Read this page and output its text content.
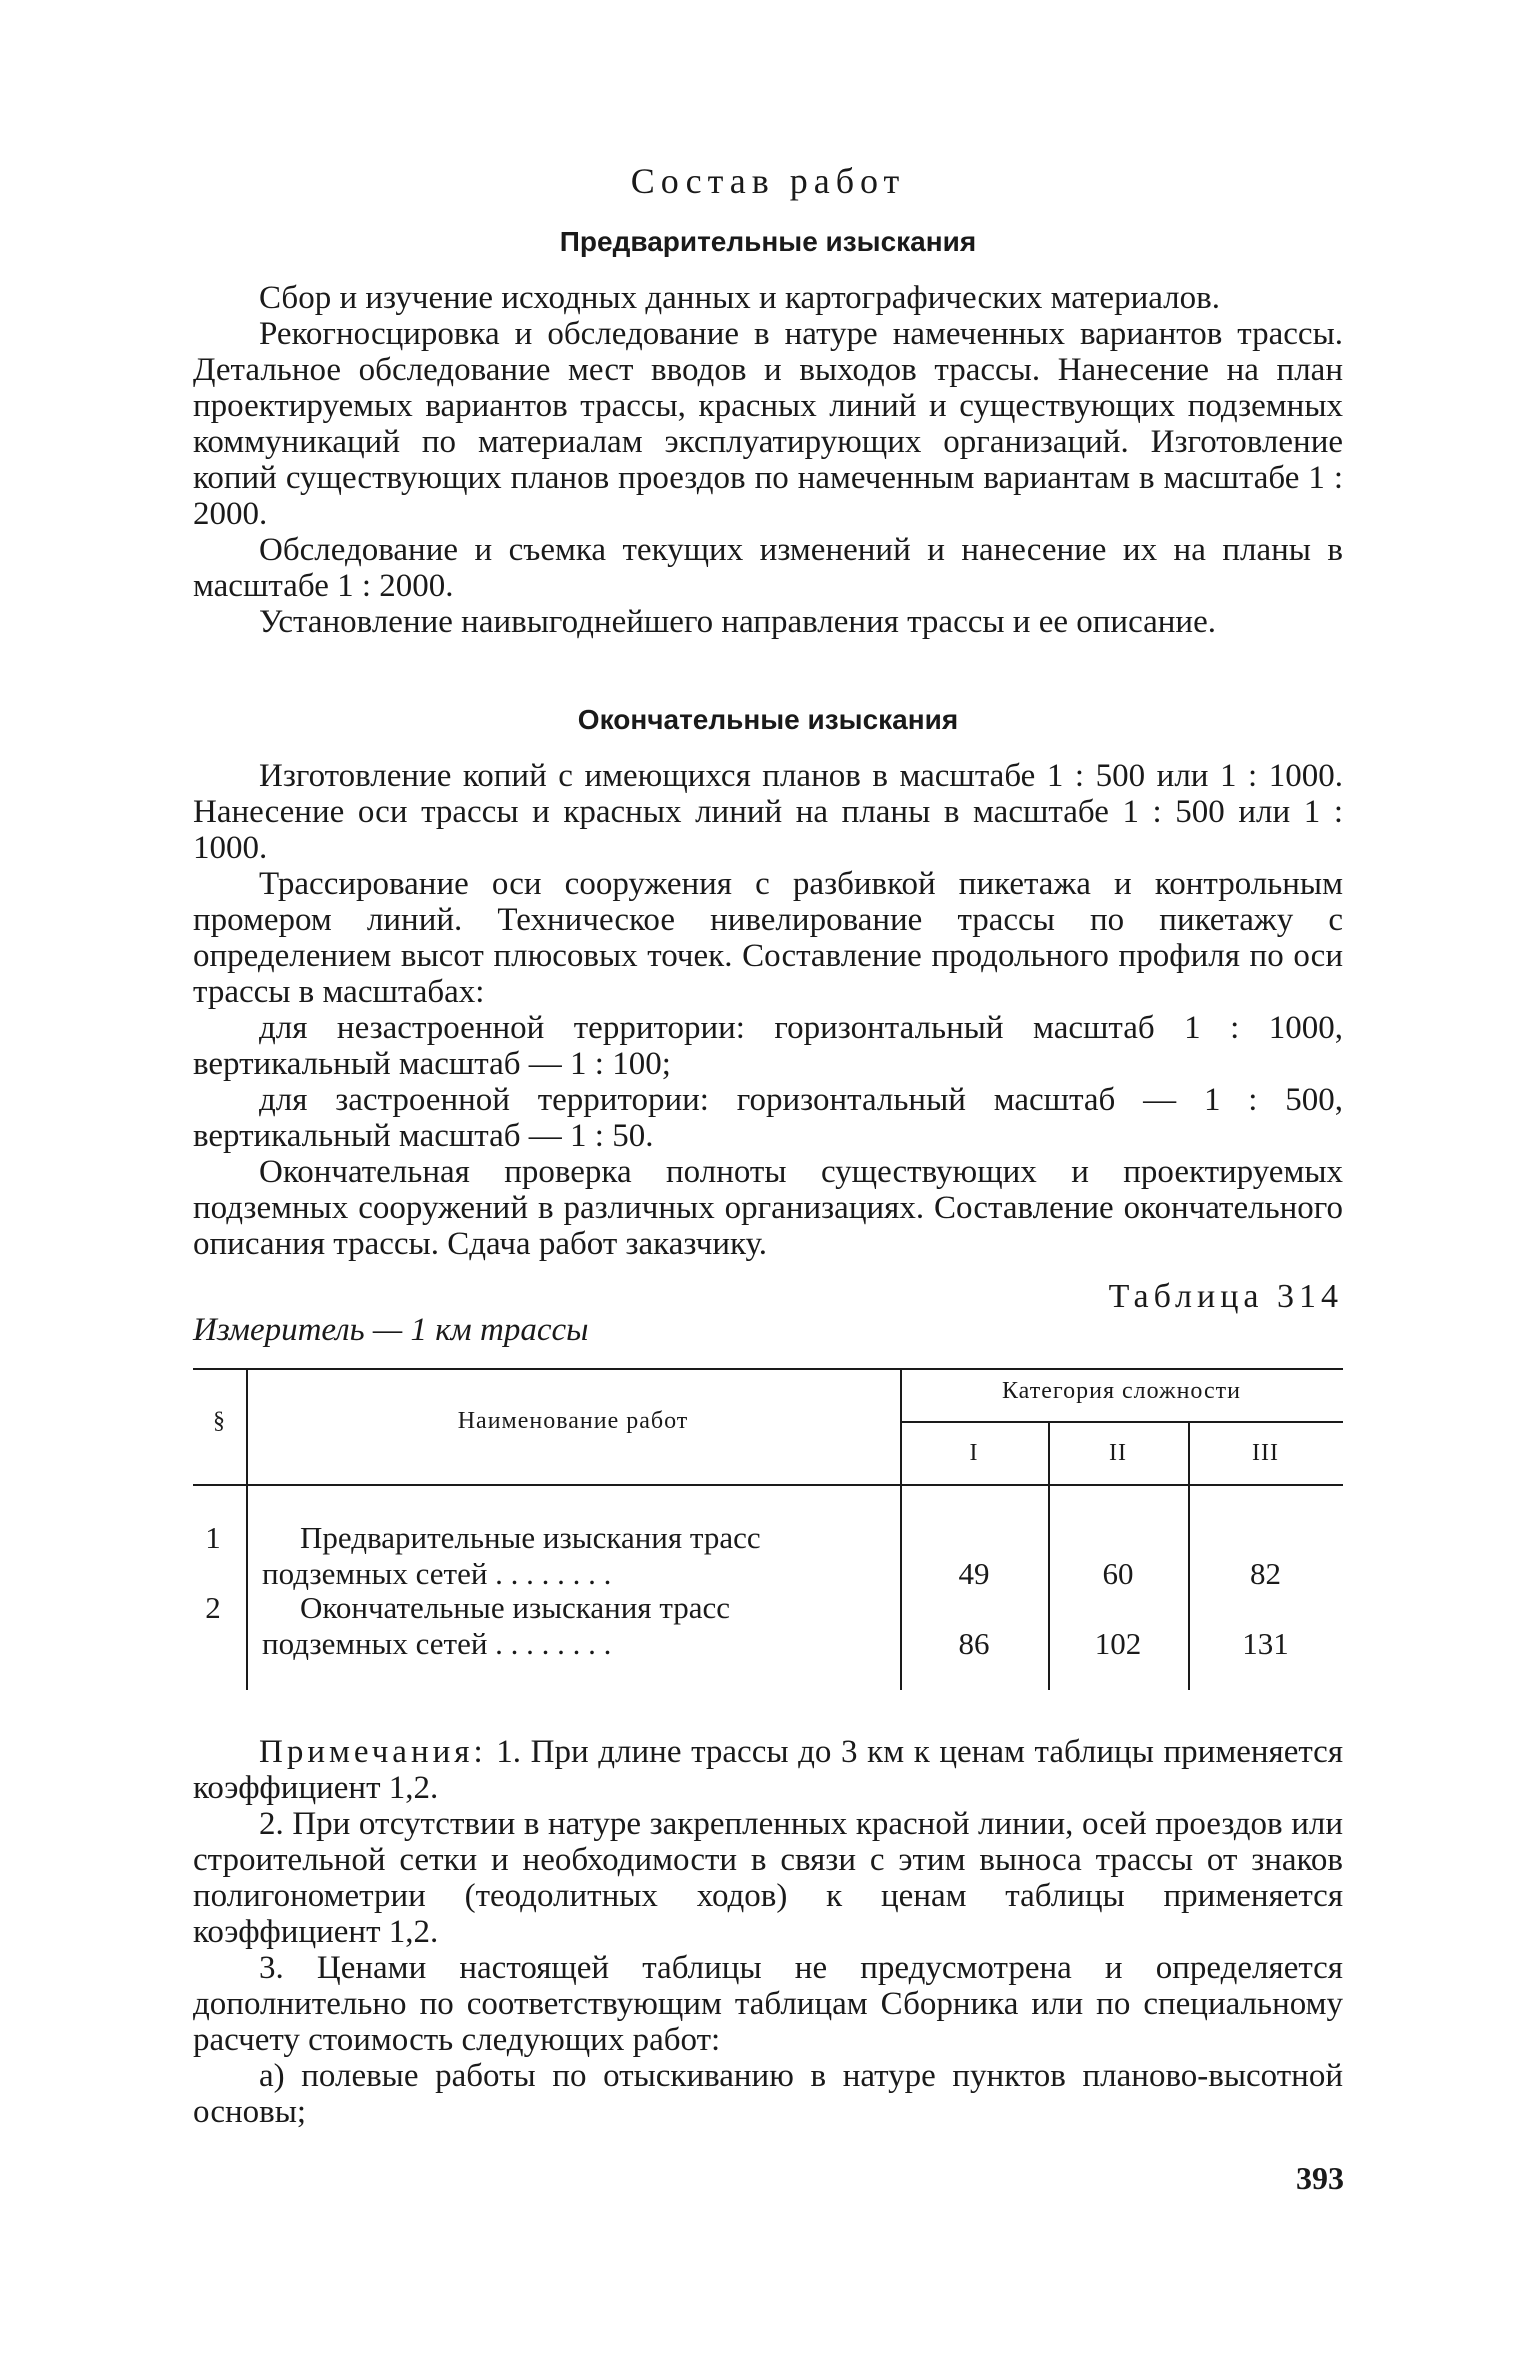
Состав работ
Предварительные изыскания

Сбор и изучение исходных данных и картографических материалов.

Рекогносцировка и обследование в натуре намеченных вариантов трассы. Детальное обследование мест вводов и выходов трассы. Нанесение на план проектируемых вариантов трассы, красных линий и существующих подземных коммуникаций по материалам эксплуатирующих организаций. Изготовление копий существующих планов проездов по намеченным вариантам в масштабе 1 : 2000.

Обследование и съемка текущих изменений и нанесение их на планы в масштабе 1 : 2000.

Установление наивыгоднейшего направления трассы и ее описание.

Окончательные изыскания

Изготовление копий с имеющихся планов в масштабе 1 : 500 или 1 : 1000. Нанесение оси трассы и красных линий на планы в масштабе 1 : 500 или 1 : 1000.

Трассирование оси сооружения с разбивкой пикетажа и контрольным промером линий. Техническое нивелирование трассы по пикетажу с определением высот плюсовых точек. Составление продольного профиля по оси трассы в масштабах:

для незастроенной территории: горизонтальный масштаб 1 : 1000, вертикальный масштаб — 1 : 100;

для застроенной территории: горизонтальный масштаб — 1 : 500, вертикальный масштаб — 1 : 50.

Окончательная проверка полноты существующих и проектируемых подземных сооружений в различных организациях. Составление окончательного описания трассы. Сдача работ заказчику.

Таблица 314
Измеритель — 1 км трассы
§	Наименование работ
Категория сложности
I	II	III
1	Предварительные изыскания трасс
подземных сетей . . . . . . . .	49	60	82
2	Окончательные изыскания трасс
подземных сетей . . . . . . . .	86	102	131

Примечания: 1. При длине трассы до 3 км к ценам таблицы применяется коэффициент 1,2.

2. При отсутствии в натуре закрепленных красной линии, осей проездов или строительной сетки и необходимости в связи с этим выноса трассы от знаков полигонометрии (теодолитных ходов) к ценам таблицы применяется коэффициент 1,2.

3. Ценами настоящей таблицы не предусмотрена и определяется дополнительно по соответствующим таблицам Сборника или по специальному расчету стоимость следующих работ:

а) полевые работы по отыскиванию в натуре пунктов планово-высотной основы;

393
